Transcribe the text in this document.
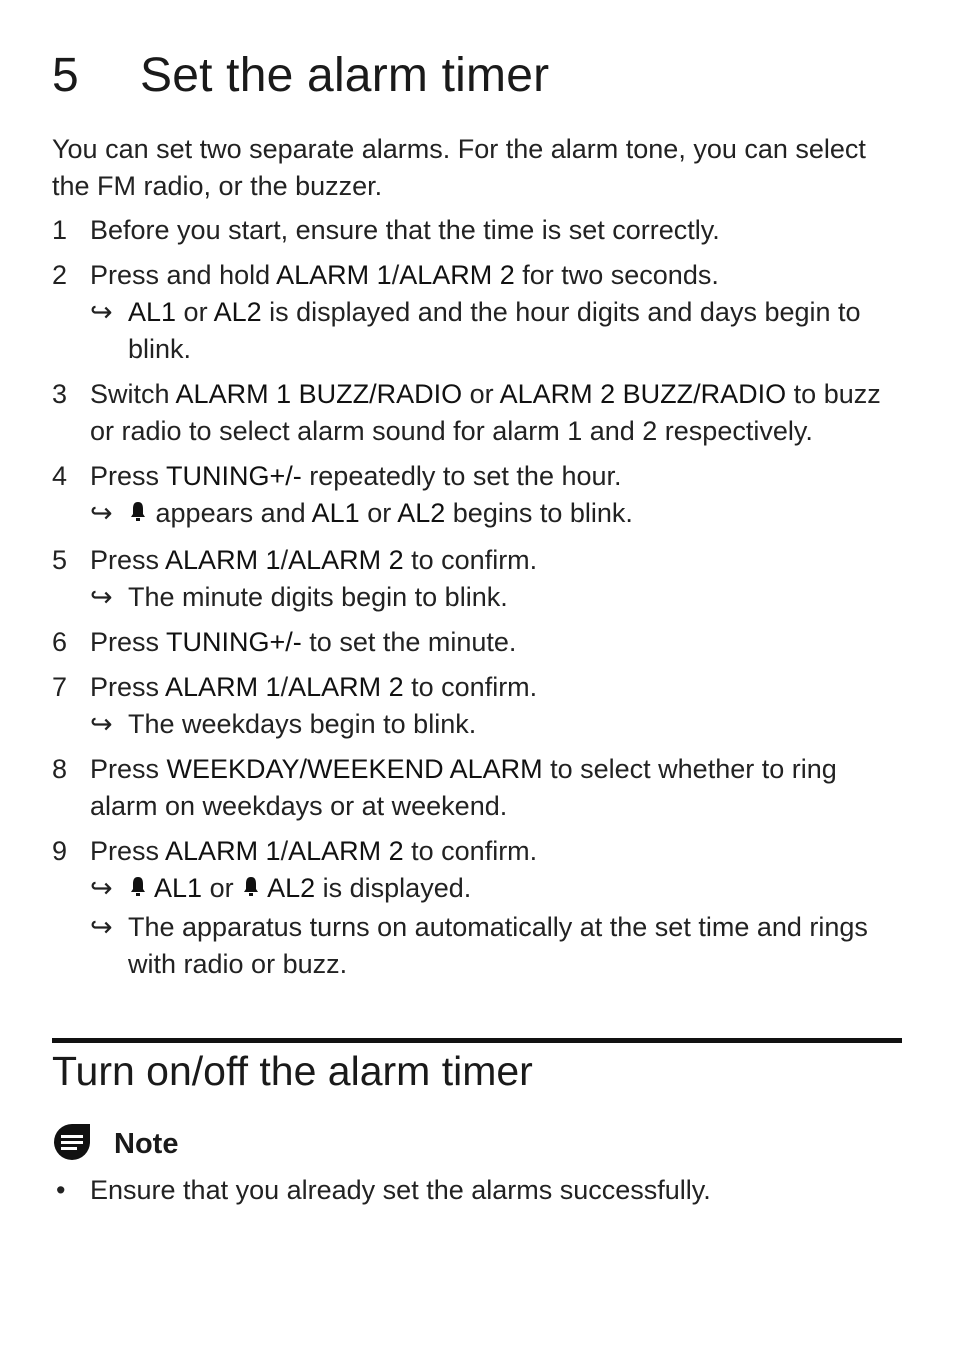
5	Set the alarm timer
You can set two separate alarms. For the alarm tone, you can select the FM radio, or the buzzer.
1 Before you start, ensure that the time is set correctly.
2 Press and hold ALARM 1/ALARM 2 for two seconds.
↪ AL1 or AL2 is displayed and the hour digits and days begin to blink.
3 Switch ALARM 1 BUZZ/RADIO or ALARM 2 BUZZ/RADIO to buzz or radio to select alarm sound for alarm 1 and 2 respectively.
4 Press TUNING+/- repeatedly to set the hour.
↪	appears and AL1 or AL2 begins to blink.
5 Press ALARM 1/ALARM 2 to confirm.
↪ The minute digits begin to blink.
6 Press TUNING+/- to set the minute.
7 Press ALARM 1/ALARM 2 to confirm.
↪ The weekdays begin to blink.
8 Press WEEKDAY/WEEKEND ALARM to select whether to ring alarm on weekdays or at weekend.
9 Press ALARM 1/ALARM 2 to confirm.
↪	AL1 or  AL2 is displayed.
↪ The apparatus turns on automatically at the set time and rings with radio or buzz.
Turn on/off the alarm timer
Note
• Ensure that you already set the alarms successfully.
